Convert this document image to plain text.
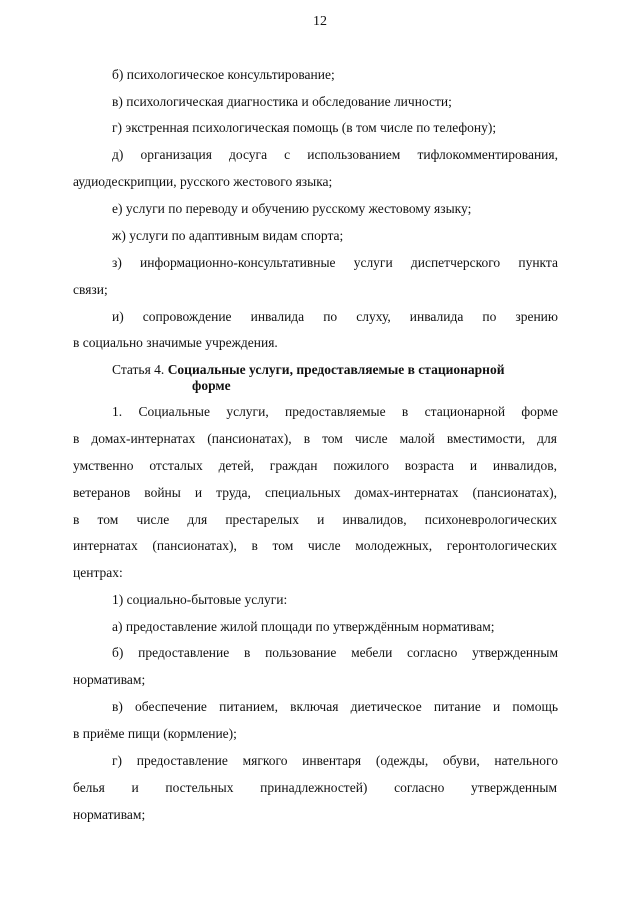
12
б) психологическое консультирование;
в) психологическая диагностика и обследование личности;
г) экстренная психологическая помощь (в том числе по телефону);
д) организация досуга с использованием тифлокомментирования,
аудиодескрипции, русского жестового языка;
е) услуги по переводу и обучению русскому жестовому языку;
ж) услуги по адаптивным видам спорта;
з) информационно-консультативные услуги диспетчерского пункта
связи;
и) сопровождение инвалида по слуху, инвалида по зрению
в социально значимые учреждения.
Статья 4. Социальные услуги, предоставляемые в стационарной
форме
1. Социальные услуги, предоставляемые в стационарной форме
в домах-интернатах (пансионатах), в том числе малой вместимости, для
умственно отсталых детей, граждан пожилого возраста и инвалидов,
ветеранов войны и труда, специальных домах-интернатах (пансионатах),
в том числе для престарелых и инвалидов, психоневрологических
интернатах (пансионатах), в том числе молодежных, геронтологических
центрах:
1) социально-бытовые услуги:
а) предоставление жилой площади по утверждённым нормативам;
б) предоставление в пользование мебели согласно утвержденным
нормативам;
в) обеспечение питанием, включая диетическое питание и помощь
в приёме пищи (кормление);
г) предоставление мягкого инвентаря (одежды, обуви, нательного
белья и постельных принадлежностей) согласно утвержденным
нормативам;
